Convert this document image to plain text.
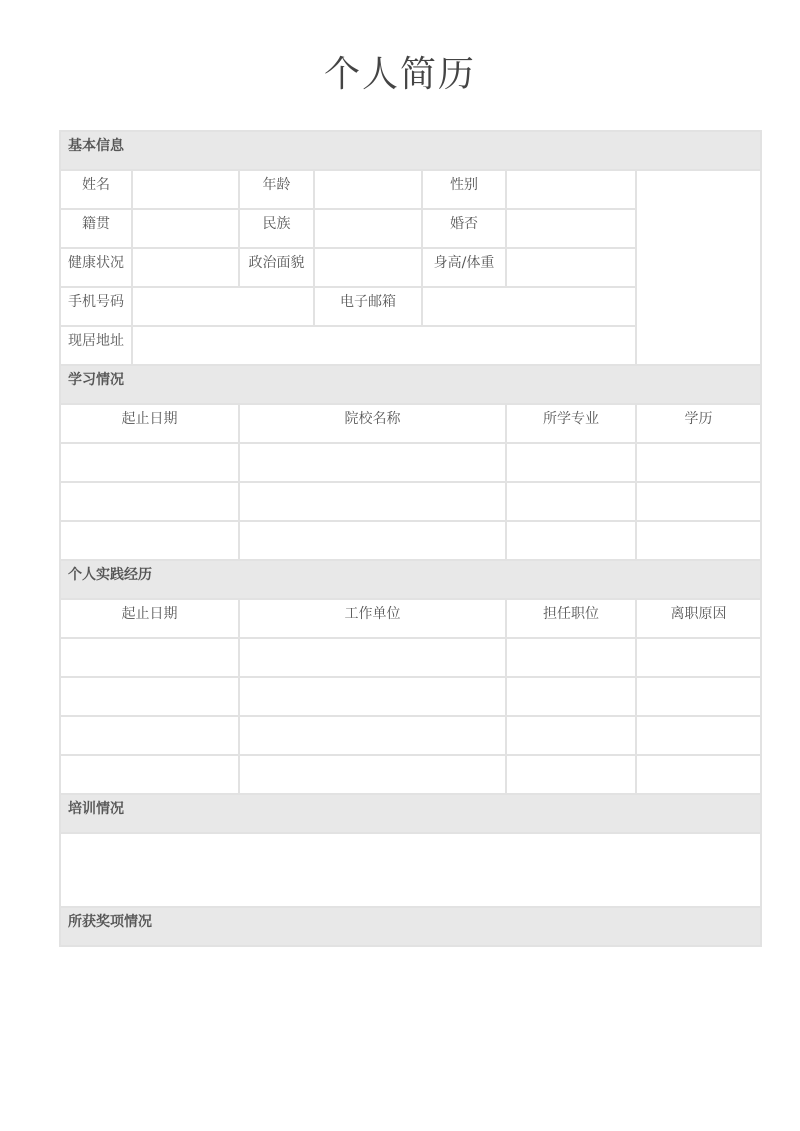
个人简历
基本信息						
姓名		年龄		性别		
籍贯		民族		婚否		
健康状况		政治面貌		身高/体重		
手机号码			电子邮箱			
现居地址						
学习情况						
起止日期		院校名称			所学专业	学历

个人实践经历						
起止日期		工作单位			担任职位	离职原因

培训情况						

所获奖项情况						
